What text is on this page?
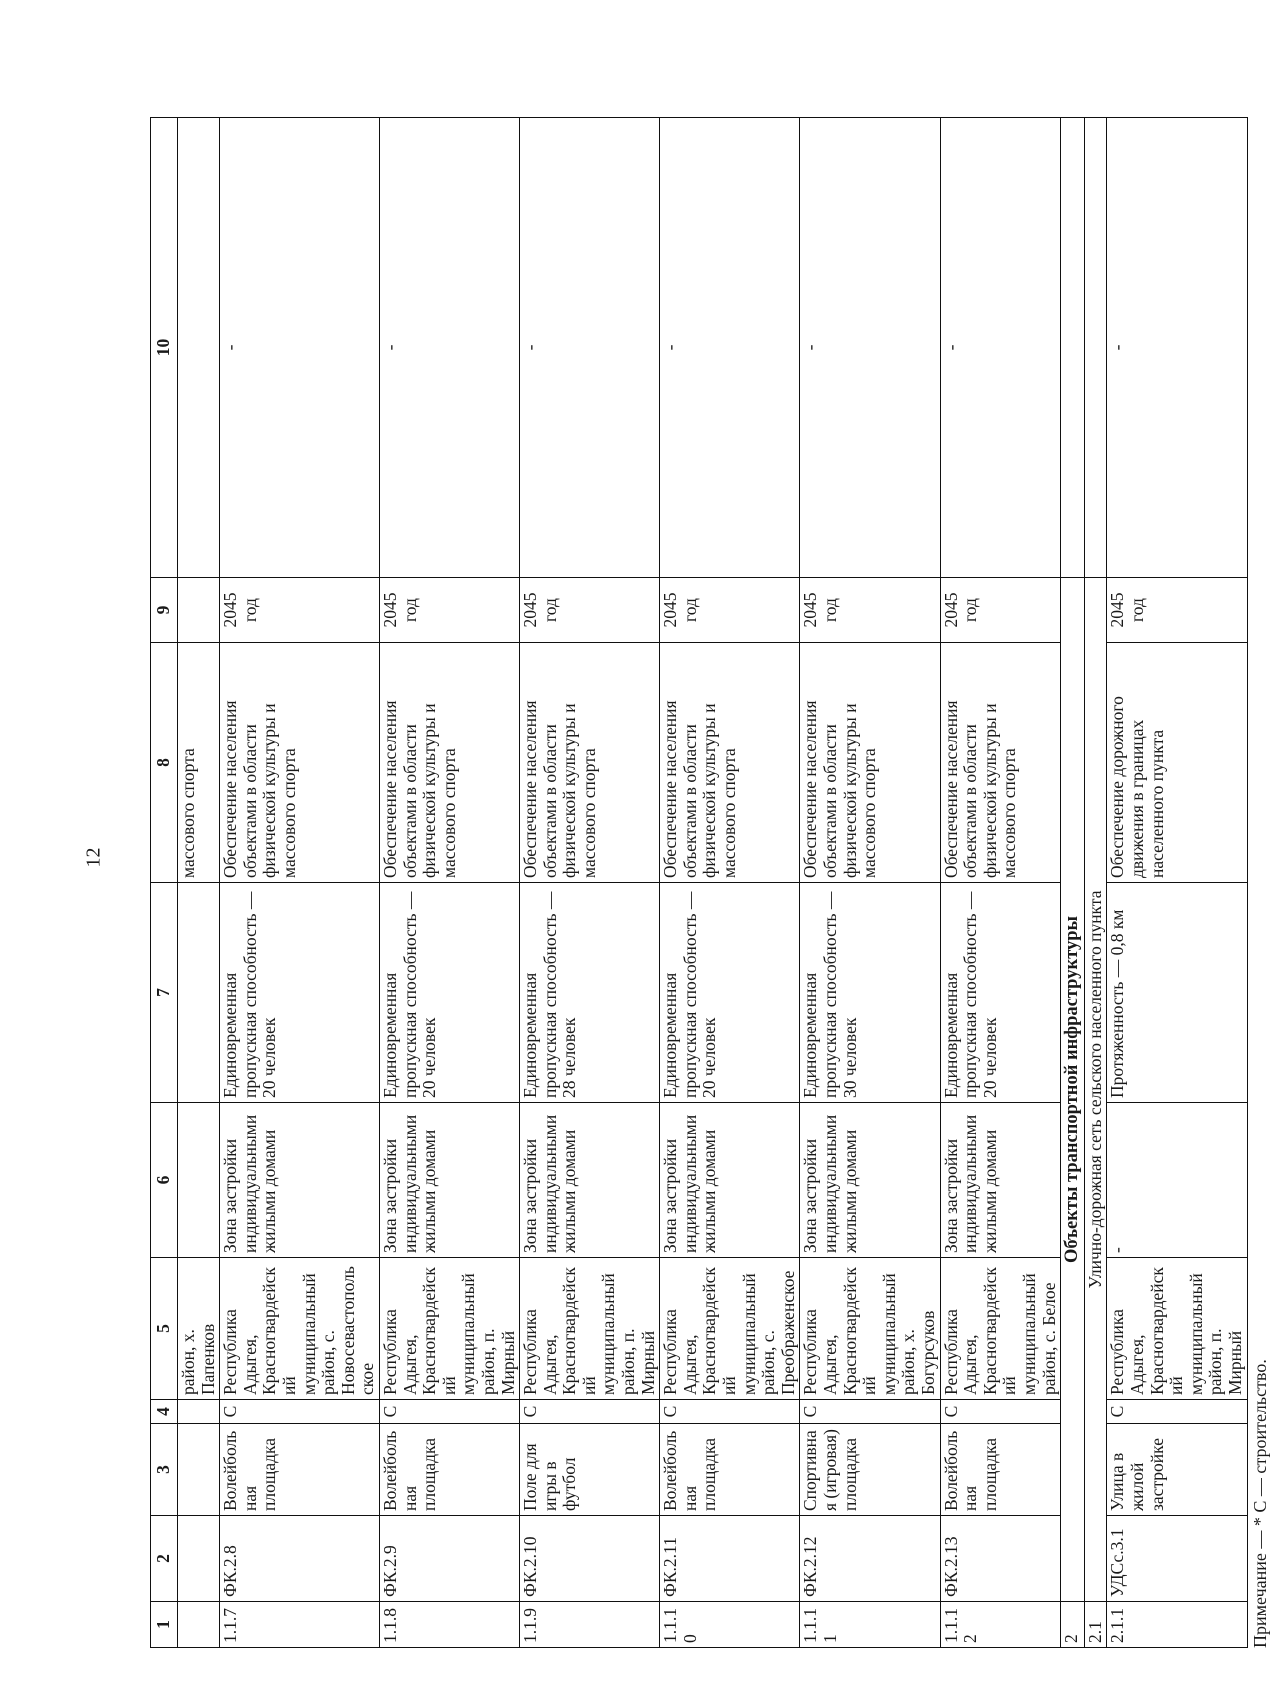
12
1	2	3	4	5	6	7	8	9	10
				район, х. Папенков			массового спорта		
1.1.7	ФК.2.8	Волейбольная площадка	С	Республика Адыгея, Красногвардейский муниципальный район, с. Новосевастопольское	Зона застройки индивидуальными жилыми домами	Единовременная пропускная способность — 20 человек	Обеспечение населения объектами в области физической культуры и массового спорта	2045 год	-
1.1.8	ФК.2.9	Волейбольная площадка	С	Республика Адыгея, Красногвардейский муниципальный район, п. Мирный	Зона застройки индивидуальными жилыми домами	Единовременная пропускная способность — 20 человек	Обеспечение населения объектами в области физической культуры и массового спорта	2045 год	-
1.1.9	ФК.2.10	Поле для игры в футбол	С	Республика Адыгея, Красногвардейский муниципальный район, п. Мирный	Зона застройки индивидуальными жилыми домами	Единовременная пропускная способность — 28 человек	Обеспечение населения объектами в области физической культуры и массового спорта	2045 год	-
1.1.10	ФК.2.11	Волейбольная площадка	С	Республика Адыгея, Красногвардейский муниципальный район, с. Преображенское	Зона застройки индивидуальными жилыми домами	Единовременная пропускная способность — 20 человек	Обеспечение населения объектами в области физической культуры и массового спорта	2045 год	-
1.1.11	ФК.2.12	Спортивная (игровая) площадка	С	Республика Адыгея, Красногвардейский муниципальный район, х. Богурсуков	Зона застройки индивидуальными жилыми домами	Единовременная пропускная способность — 30 человек	Обеспечение населения объектами в области физической культуры и массового спорта	2045 год	-
1.1.12	ФК.2.13	Волейбольная площадка	С	Республика Адыгея, Красногвардейский муниципальный район, с. Белое	Зона застройки индивидуальными жилыми домами	Единовременная пропускная способность — 20 человек	Обеспечение населения объектами в области физической культуры и массового спорта	2045 год	-
2	Объекты транспортной инфраструктуры								
2.1	Улично-дорожная сеть сельского населенного пункта								
2.1.1	УДСс.3.1	Улица в жилой застройке	С	Республика Адыгея, Красногвардейский муниципальный район, п. Мирный	-	Протяженность — 0,8 км	Обеспечение дорожного движения в границах населенного пункта	2045 год	-
Примечание — * С — строительство.
